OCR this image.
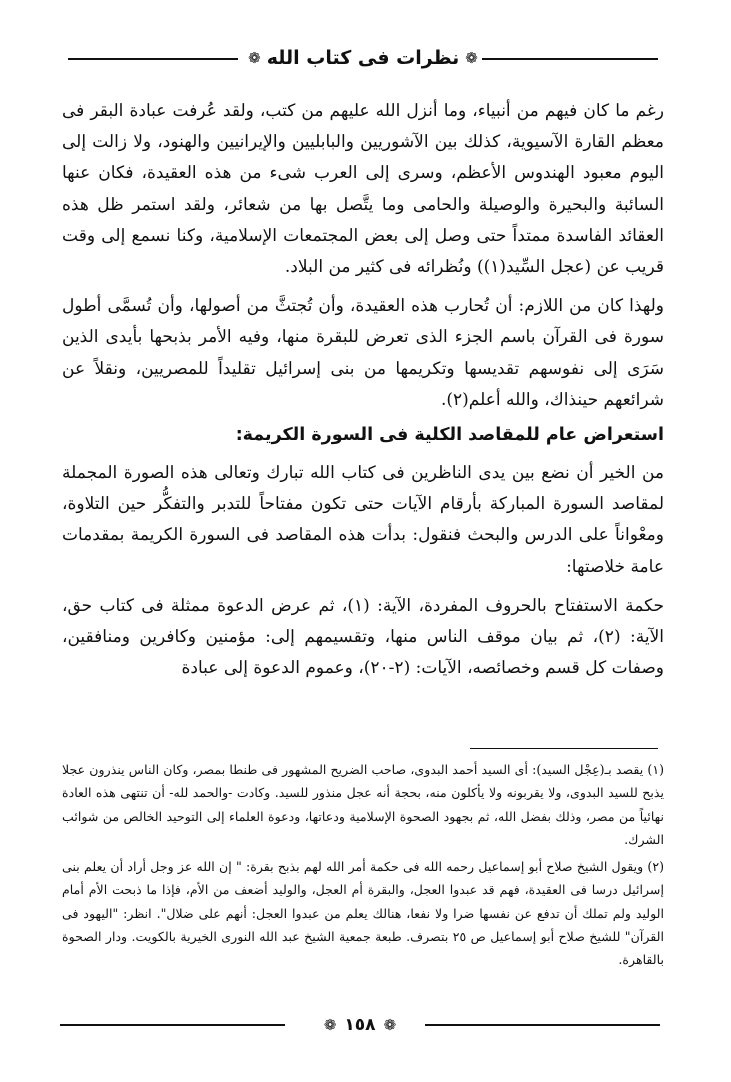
❁
نظرات فى كتاب الله
❁

رغم ما كان فيهم من أنبياء، وما أنزل الله عليهم من كتب، ولقد عُرفت عبادة البقر فى معظم القارة الآسيوية، كذلك بين الآشوريين والبابليين والإيرانيين والهنود، ولا زالت إلى اليوم معبود الهندوس الأعظم، وسرى إلى العرب شىء من هذه العقيدة، فكان عنها السائبة والبحيرة والوصيلة والحامى وما يتَّصل بها من شعائر، ولقد استمر ظل هذه العقائد الفاسدة ممتداً حتى وصل إلى بعض المجتمعات الإسلامية، وكنا نسمع إلى وقت قريب عن (عجل السِّيد(١)) ونُظرائه فى كثير من البلاد.

ولهذا كان من اللازم: أن تُحارب هذه العقيدة، وأن تُجتثَّ من أصولها، وأن تُسمَّى أطول سورة فى القرآن باسم الجزء الذى تعرض للبقرة منها، وفيه الأمر بذبحها بأيدى الذين سَرَى إلى نفوسهم تقديسها وتكريمها من بنى إسرائيل تقليداً للمصريين، ونقلاً عن شرائعهم حينذاك، والله أعلم(٢).

استعراض عام للمقاصد الكلية فى السورة الكريمة:

من الخير أن نضع بين يدى الناظرين فى كتاب الله تبارك وتعالى هذه الصورة المجملة لمقاصد السورة المباركة بأرقام الآيات حتى تكون مفتاحاً للتدبر والتفكُّر حين التلاوة، ومعْواناً على الدرس والبحث فنقول: بدأت هذه المقاصد فى السورة الكريمة بمقدمات عامة خلاصتها:

حكمة الاستفتاح بالحروف المفردة، الآية: (١)، ثم عرض الدعوة ممثلة فى كتاب حق، الآية: (٢)، ثم بيان موقف الناس منها، وتقسيمهم إلى: مؤمنين وكافرين ومنافقين، وصفات كل قسم وخصائصه، الآيات: (٢-٢٠)، وعموم الدعوة إلى عبادة

(١) يقصد بـ(عِجْل السيد): أى السيد أحمد البدوى، صاحب الضريح المشهور فى طنطا بمصر، وكان الناس ينذرون عجلا يذبح للسيد البدوى، ولا يقربونه ولا يأكلون منه، بحجة أنه عجل منذور للسيد. وكادت -والحمد لله- أن تنتهى هذه العادة نهائياً من مصر، وذلك بفضل الله، ثم بجهود الصحوة الإسلامية ودعاتها، ودعوة العلماء إلى التوحيد الخالص من شوائب الشرك.

(٢) ويقول الشيخ صلاح أبو إسماعيل رحمه الله فى حكمة أمر الله لهم بذبح بقرة: " إن الله عز وجل أراد أن يعلم بنى إسرائيل درسا فى العقيدة، فهم قد عبدوا العجل، والبقرة أم العجل، والوليد أضعف من الأم، فإذا ما ذبحت الأم أمام الوليد ولم تملك أن تدفع عن نفسها ضرا ولا نفعا، هنالك يعلم من عبدوا العجل: أنهم على ضلال". انظر: "اليهود فى القرآن" للشيخ صلاح أبو إسماعيل ص ٢٥ بتصرف. طبعة جمعية الشيخ عبد الله النورى الخيرية بالكويت. ودار الصحوة بالقاهرة.

❁
١٥٨
❁
